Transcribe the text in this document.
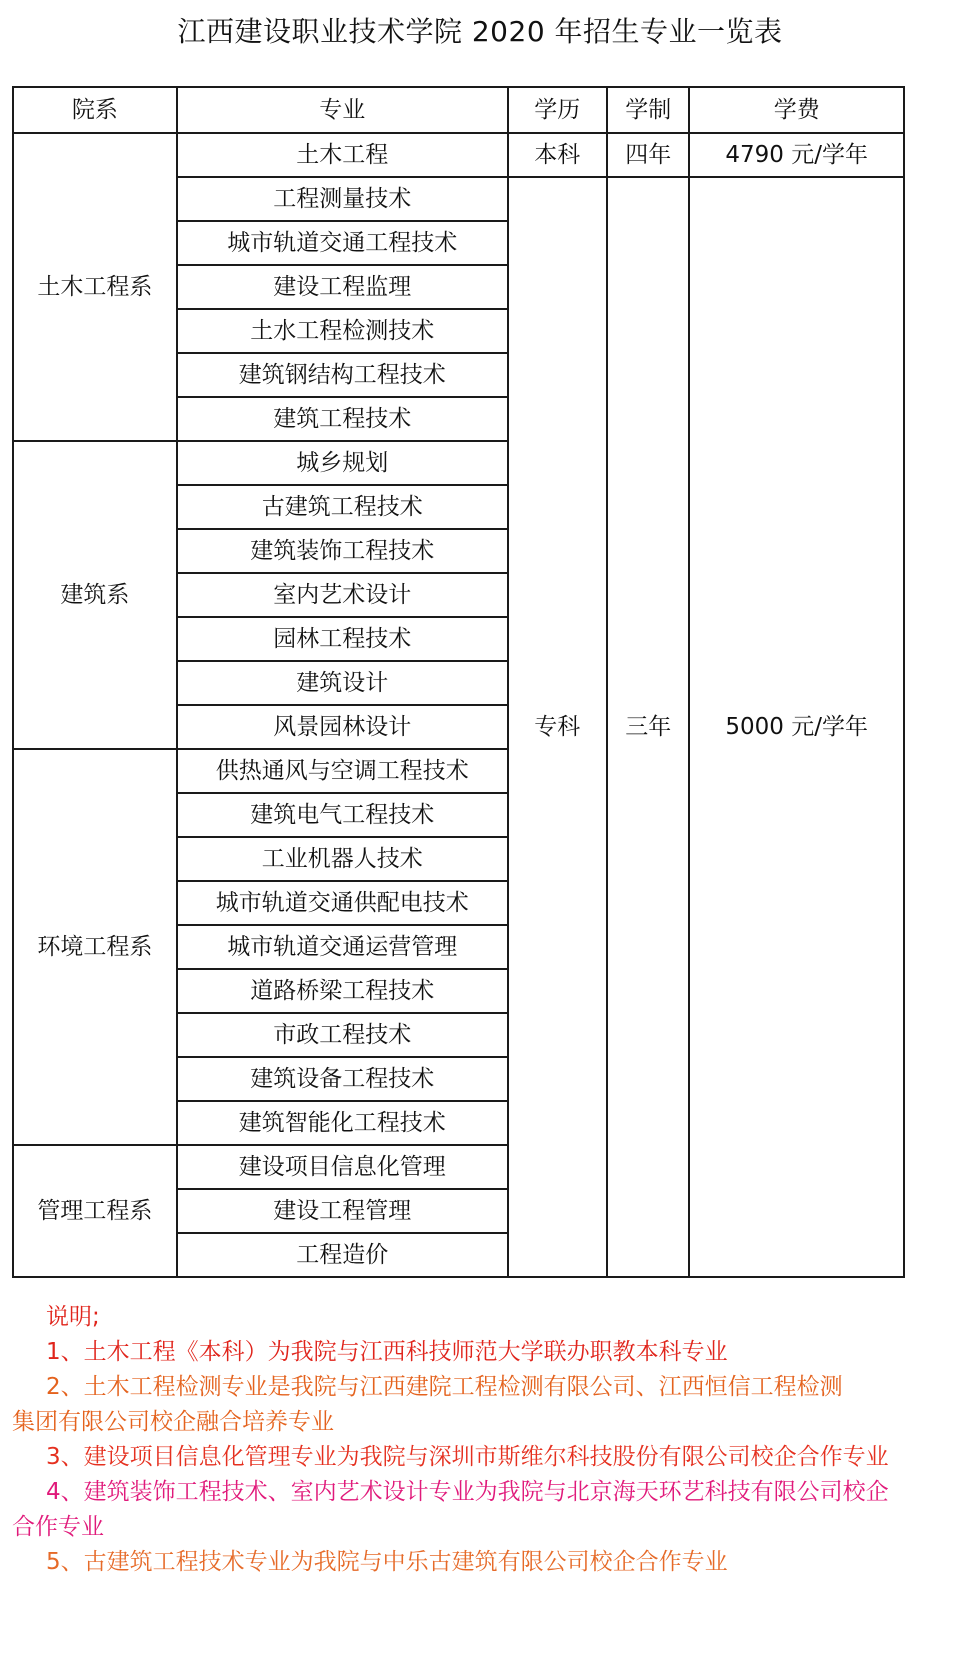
江西建设职业技术学院 2020 年招生专业一览表
院系	专业	学历	学制	学费
土木工程系	土木工程	本科	四年	4790 元/学年
	工程测量技术	专科	三年	5000 元/学年
	城市轨道交通工程技术			
	建设工程监理			
	土水工程检测技术			
	建筑钢结构工程技术			
	建筑工程技术			
建筑系	城乡规划			
	古建筑工程技术			
	建筑装饰工程技术			
	室内艺术设计			
	园林工程技术			
	建筑设计			
	风景园林设计			
环境工程系	供热通风与空调工程技术			
	建筑电气工程技术			
	工业机器人技术			
	城市轨道交通供配电技术			
	城市轨道交通运营管理			
	道路桥梁工程技术			
	市政工程技术			
	建筑设备工程技术			
	建筑智能化工程技术			
管理工程系	建设项目信息化管理			
	建设工程管理			
	工程造价			

说明;

1、土木工程《本科）为我院与江西科技师范大学联办职教本科专业

2、土木工程检测专业是我院与江西建院工程检测有限公司、江西恒信工程检测

集团有限公司校企融合培养专业

3、建设项目信息化管理专业为我院与深圳市斯维尔科技股份有限公司校企合作专业

4、建筑装饰工程技术、室内艺术设计专业为我院与北京海天环艺科技有限公司校企

合作专业

5、古建筑工程技术专业为我院与中乐古建筑有限公司校企合作专业
